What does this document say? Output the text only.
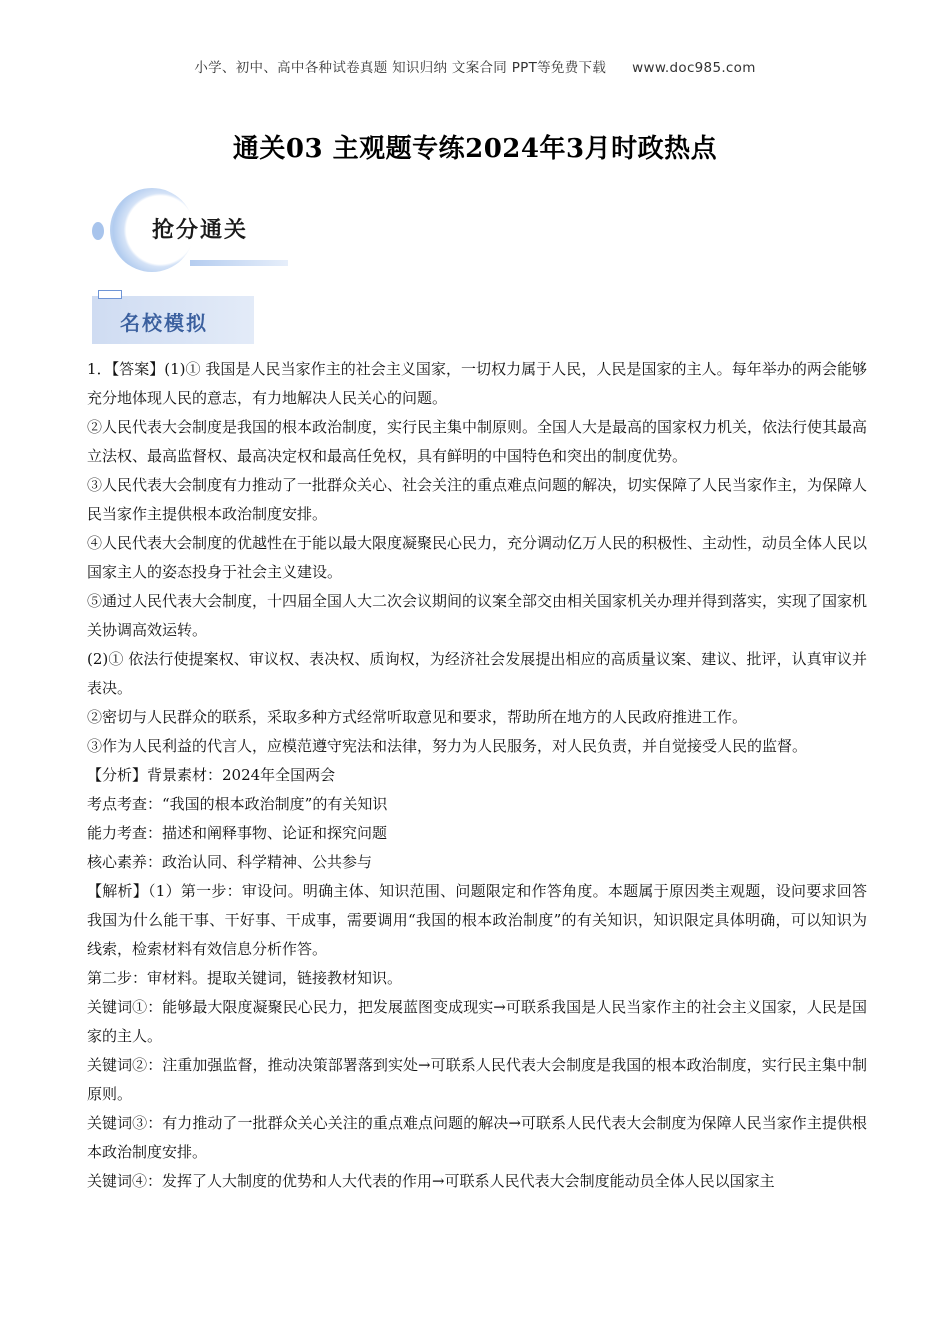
小学、初中、高中各种试卷真题 知识归纳 文案合同 PPT等免费下载 www.doc985.com
通关03 主观题专练2024年3月时政热点
抢分通关
名校模拟

1．【答案】(1)① 我国是人民当家作主的社会主义国家，一切权力属于人民，人民是国家的主人。每年举办的两会能够充分地体现人民的意志，有力地解决人民关心的问题。

②人民代表大会制度是我国的根本政治制度，实行民主集中制原则。全国人大是最高的国家权力机关，依法行使其最高立法权、最高监督权、最高决定权和最高任免权，具有鲜明的中国特色和突出的制度优势。

③人民代表大会制度有力推动了一批群众关心、社会关注的重点难点问题的解决，切实保障了人民当家作主，为保障人民当家作主提供根本政治制度安排。

④人民代表大会制度的优越性在于能以最大限度凝聚民心民力，充分调动亿万人民的积极性、主动性，动员全体人民以国家主人的姿态投身于社会主义建设。

⑤通过人民代表大会制度，十四届全国人大二次会议期间的议案全部交由相关国家机关办理并得到落实，实现了国家机关协调高效运转。

(2)① 依法行使提案权、审议权、表决权、质询权，为经济社会发展提出相应的高质量议案、建议、批评，认真审议并表决。

②密切与人民群众的联系，采取多种方式经常听取意见和要求，帮助所在地方的人民政府推进工作。

③作为人民利益的代言人，应模范遵守宪法和法律，努力为人民服务，对人民负责，并自觉接受人民的监督。

【分析】背景素材：2024年全国两会

考点考查：“我国的根本政治制度”的有关知识

能力考查：描述和阐释事物、论证和探究问题

核心素养：政治认同、科学精神、公共参与

【解析】（1）第一步：审设问。明确主体、知识范围、问题限定和作答角度。本题属于原因类主观题，设问要求回答我国为什么能干事、干好事、干成事，需要调用“我国的根本政治制度”的有关知识，知识限定具体明确，可以知识为线索，检索材料有效信息分析作答。

第二步：审材料。提取关键词，链接教材知识。

关键词①：能够最大限度凝聚民心民力，把发展蓝图变成现实→可联系我国是人民当家作主的社会主义国家，人民是国家的主人。

关键词②：注重加强监督，推动决策部署落到实处→可联系人民代表大会制度是我国的根本政治制度，实行民主集中制原则。

关键词③：有力推动了一批群众关心关注的重点难点问题的解决→可联系人民代表大会制度为保障人民当家作主提供根本政治制度安排。

关键词④：发挥了人大制度的优势和人大代表的作用→可联系人民代表大会制度能动员全体人民以国家主
